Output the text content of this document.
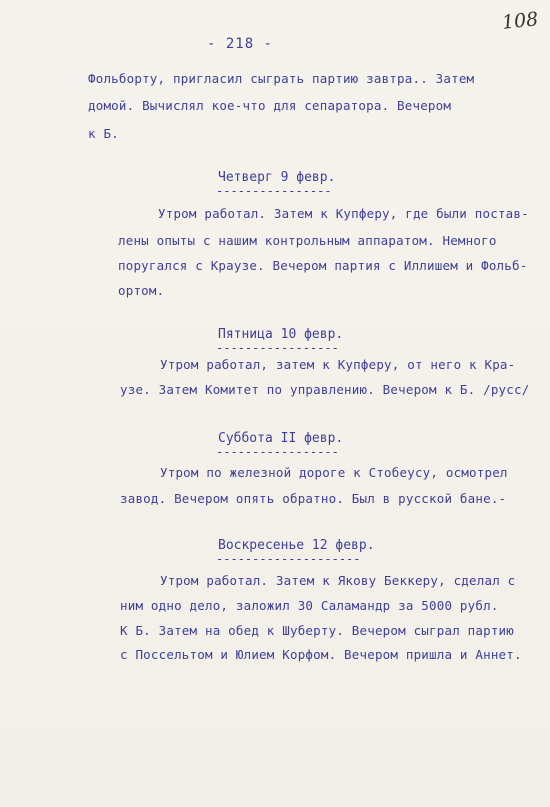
108
- 218 -
Фольборту, пригласил сыграть партию завтра.. Затем
домой. Вычислял кое-что для сепаратора. Вечером
к Б.
Четверг 9 февр.
----------------
Утром работал. Затем к Купферу, где были постав-
лены опыты с нашим контрольным аппаратом. Немного
поругался с Краузе. Вечером партия с Иллишем и Фольб-
ортом.
Пятница 10 февр.
-----------------
Утром работал, затем к Купферу, от него к Кра-
узе. Затем Комитет по управлению. Вечером к Б. /русс/
Суббота II февр.
-----------------
Утром по железной дороге к Стобеусу, осмотрел
завод. Вечером опять обратно. Был в русской бане.-
Воскресенье 12 февр.
--------------------
Утром работал. Затем к Якову Беккеру, сделал с
ним одно дело, заложил 30 Саламандр за 5000 рубл.
К Б. Затем на обед к Шуберту. Вечером сыграл партию
с Поссельтом и Юлием Корфом. Вечером пришла и Аннет.
